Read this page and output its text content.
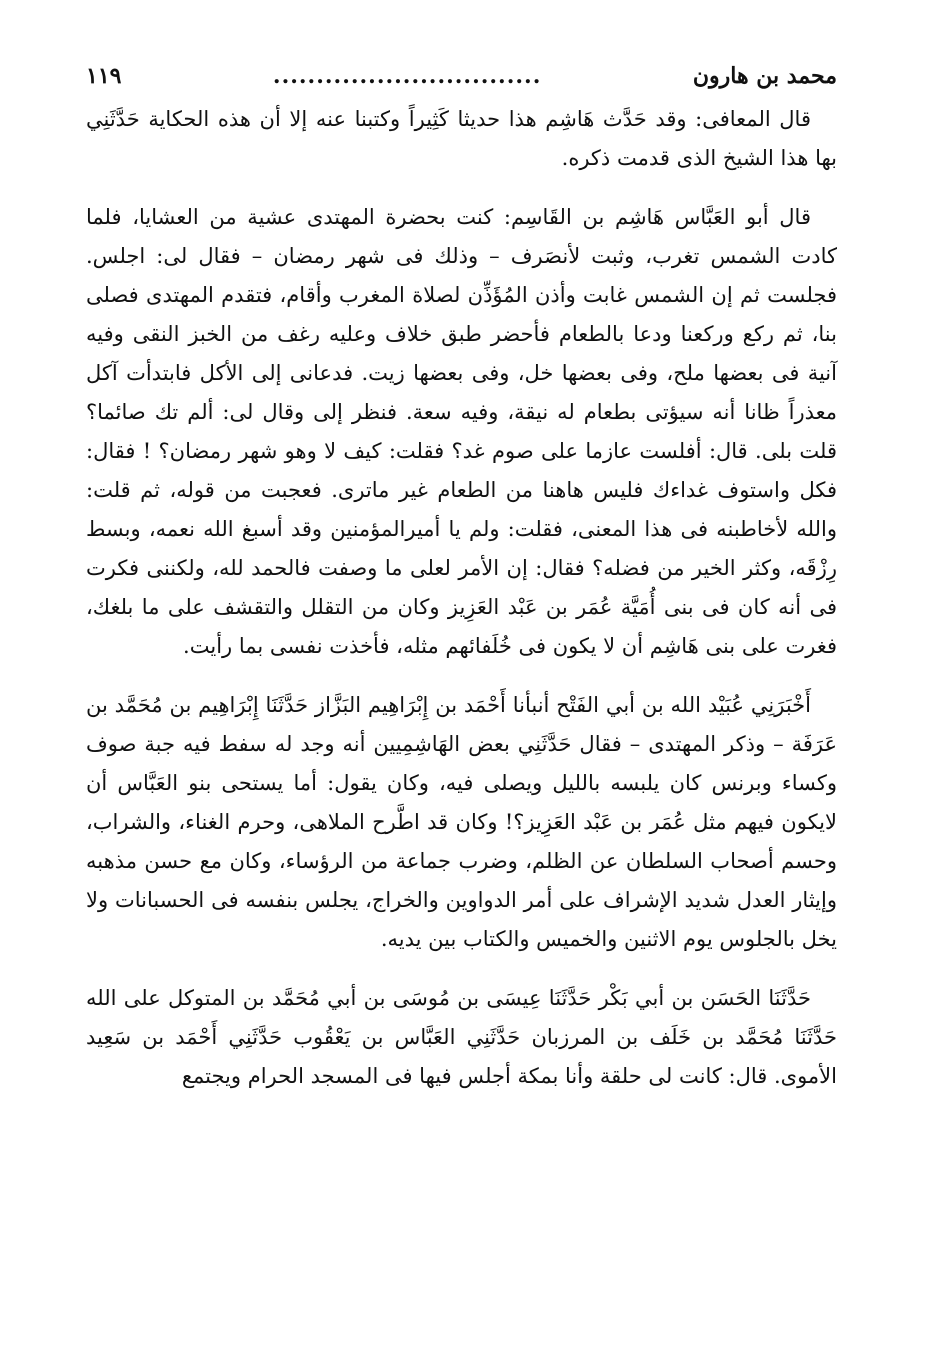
محمد بن هارون
...............................
١١٩

قال المعافى: وقد حَدَّث هَاشِم هذا حديثا كَثِيراً وكتبنا عنه إلا أن هذه الحكاية حَدَّثَنِي بها هذا الشيخ الذى قدمت ذكره.

قال أبو العَبَّاس هَاشِم بن القَاسِم: كنت بحضرة المهتدى عشية من العشايا، فلما كادت الشمس تغرب، وثبت لأنصَرف – وذلك فى شهر رمضان – فقال لى: اجلس. فجلست ثم إن الشمس غابت وأذن المُؤَذِّن لصلاة المغرب وأقام، فتقدم المهتدى فصلى بنا، ثم ركع وركعنا ودعا بالطعام فأحضر طبق خلاف وعليه رغف من الخبز النقى وفيه آنية فى بعضها ملح، وفى بعضها خل، وفى بعضها زيت. فدعانى إلى الأكل فابتدأت آكل معذراً ظانا أنه سيؤتى بطعام له نيقة، وفيه سعة. فنظر إلى وقال لى: ألم تك صائما؟ قلت بلى. قال: أفلست عازما على صوم غد؟ فقلت: كيف لا وهو شهر رمضان؟ ! فقال: فكل واستوف غداءك فليس هاهنا من الطعام غير ماترى. فعجبت من قوله، ثم قلت: والله لأخاطبنه فى هذا المعنى، فقلت: ولم يا أميرالمؤمنين وقد أسبغ الله نعمه، وبسط رِزْقَه، وكثر الخير من فضله؟ فقال: إن الأمر لعلى ما وصفت فالحمد لله، ولكننى فكرت فى أنه كان فى بنى أُمَيَّة عُمَر بن عَبْد العَزِيز وكان من التقلل والتقشف على ما بلغك، فغرت على بنى هَاشِم أن لا يكون فى خُلَفائهم مثله، فأخذت نفسى بما رأيت.

أَخْبَرَنِي عُبَيْد الله بن أبي الفَتْح أنبأنا أَحْمَد بن إِبْرَاهِيم البَزَّاز حَدَّثَنَا إِبْرَاهِيم بن مُحَمَّد بن عَرَفَة – وذكر المهتدى – فقال حَدَّثَنِي بعض الهَاشِمِيين أنه وجد له سفط فيه جبة صوف وكساء وبرنس كان يلبسه بالليل ويصلى فيه، وكان يقول: أما يستحى بنو العَبَّاس أن لايكون فيهم مثل عُمَر بن عَبْد العَزِيز؟! وكان قد اطَّرح الملاهى، وحرم الغناء، والشراب، وحسم أصحاب السلطان عن الظلم، وضرب جماعة من الرؤساء، وكان مع حسن مذهبه وإيثار العدل شديد الإشراف على أمر الدواوين والخراج، يجلس بنفسه فى الحسبانات ولا يخل بالجلوس يوم الاثنين والخميس والكتاب بين يديه.

حَدَّثَنَا الحَسَن بن أبي بَكْر حَدَّثَنَا عِيسَى بن مُوسَى بن أبي مُحَمَّد بن المتوكل على الله حَدَّثَنَا مُحَمَّد بن خَلَف بن المرزبان حَدَّثَنِي العَبَّاس بن يَعْقُوب حَدَّثَنِي أَحْمَد بن سَعِيد الأموى. قال: كانت لى حلقة وأنا بمكة أجلس فيها فى المسجد الحرام ويجتمع
